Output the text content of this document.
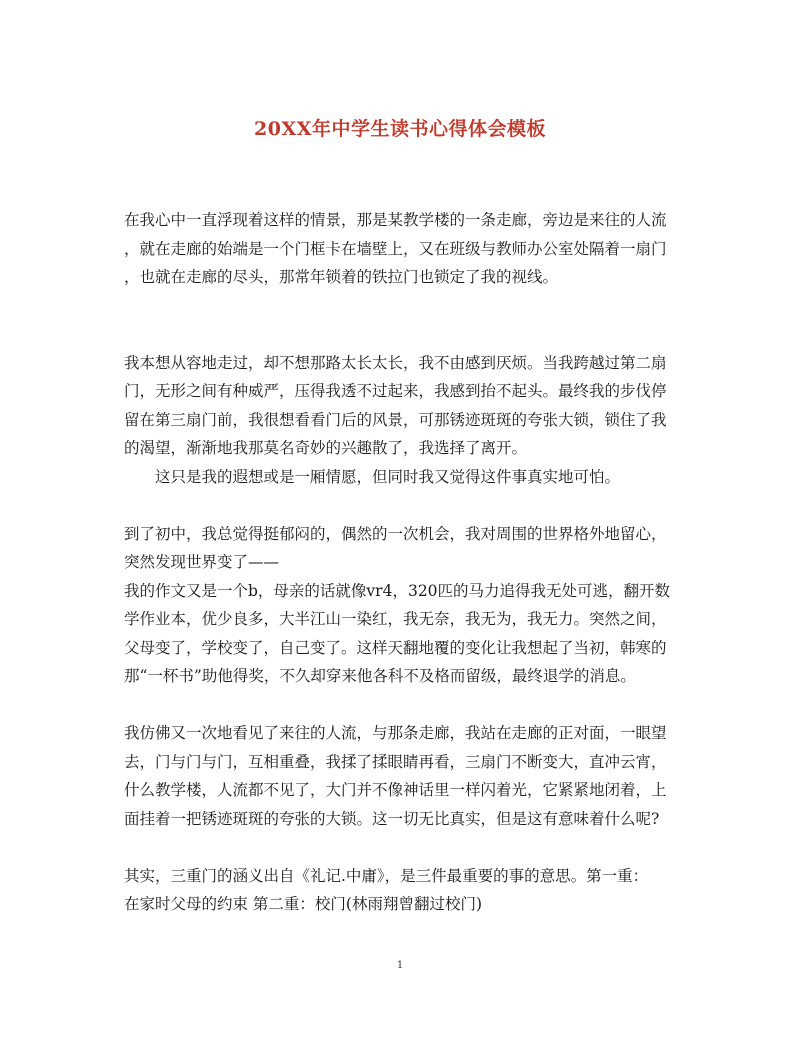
20XX年中学生读书心得体会模板
在我心中一直浮现着这样的情景，那是某教学楼的一条走廊，旁边是来往的人流
，就在走廊的始端是一个门框卡在墙壁上，又在班级与教师办公室处隔着一扇门
，也就在走廊的尽头，那常年锁着的铁拉门也锁定了我的视线。
我本想从容地走过，却不想那路太长太长，我不由感到厌烦。当我跨越过第二扇
门，无形之间有种威严，压得我透不过起来，我感到抬不起头。最终我的步伐停
留在第三扇门前，我很想看看门后的风景，可那锈迹斑斑的夸张大锁，锁住了我
的渴望，渐渐地我那莫名奇妙的兴趣散了，我选择了离开。
这只是我的遐想或是一厢情愿，但同时我又觉得这件事真实地可怕。
到了初中，我总觉得挺郁闷的，偶然的一次机会，我对周围的世界格外地留心，
突然发现世界变了——
我的作文又是一个b，母亲的话就像vr4，320匹的马力追得我无处可逃，翻开数
学作业本，优少良多，大半江山一染红，我无奈，我无为，我无力。突然之间，
父母变了，学校变了，自己变了。这样天翻地覆的变化让我想起了当初，韩寒的
那“一杯书”助他得奖，不久却穿来他各科不及格而留级，最终退学的消息。
我仿佛又一次地看见了来往的人流，与那条走廊，我站在走廊的正对面，一眼望
去，门与门与门，互相重叠，我揉了揉眼睛再看，三扇门不断变大，直冲云宵，
什么教学楼，人流都不见了，大门并不像神话里一样闪着光，它紧紧地闭着，上
面挂着一把锈迹斑斑的夸张的大锁。这一切无比真实，但是这有意味着什么呢?
其实，三重门的涵义出自《礼记.中庸》，是三件最重要的事的意思。第一重：
在家时父母的约束 第二重：校门(林雨翔曾翻过校门)
1
